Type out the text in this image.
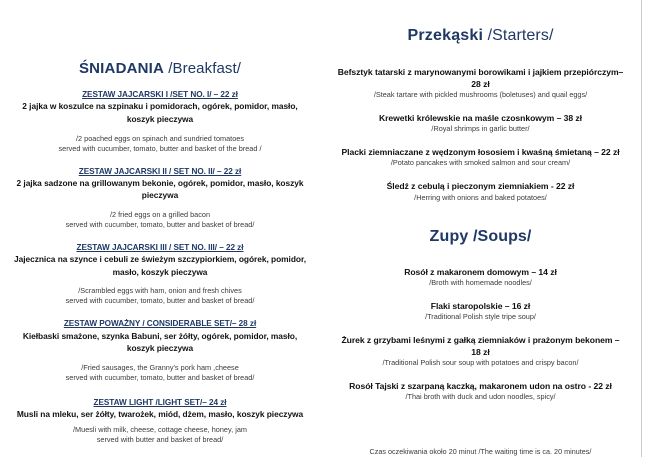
ŚNIADANIA /Breakfast/
ZESTAW JAJCARSKI I /SET NO. I/ – 22 zł
2 jajka w koszulce na szpinaku i pomidorach, ogórek, pomidor, masło, koszyk pieczywa
/2 poached eggs on spinach and sundried tomatoes
served with cucumber, tomato, butter and basket of the bread /
ZESTAW JAJCARSKI II / SET NO. II/ – 22 zł
2 jajka sadzone na grillowanym bekonie, ogórek, pomidor, masło, koszyk pieczywa
/2 fried eggs on a grilled bacon
served with cucumber, tomato, butter and basket of bread/
ZESTAW JAJCARSKI III / SET NO. III/ – 22 zł
Jajecznica na szynce i cebuli ze świeżym szczypiorkiem, ogórek, pomidor, masło, koszyk pieczywa
/Scrambled eggs with ham, onion and fresh chives
served with cucumber, tomato, butter and basket of bread/
ZESTAW POWAŻNY / CONSIDERABLE SET/– 28 zł
Kiełbaski smażone, szynka Babuni, ser żółty, ogórek, pomidor, masło, koszyk pieczywa
/Fried sausages, the Granny's pork ham ,cheese
served with cucumber, tomato, butter and basket of bread/
ZESTAW LIGHT /LIGHT SET/– 24 zł
Musli na mleku, ser żółty, twarożek, miód, dżem, masło, koszyk pieczywa
/Muesli with milk, cheese, cottage cheese, honey, jam
served with butter and basket of bread/
Przekąski /Starters/
Befsztyk tatarski z marynowanymi borowikami i jajkiem przepiórczym– 28 zł
/Steak tartare with pickled mushrooms (boletuses) and quail eggs/
Krewetki królewskie na maśle czosnkowym – 38 zł
/Royal shrimps in garlic butter/
Placki ziemniaczane z wędzonym łososiem i kwaśną śmietaną – 22 zł
/Potato pancakes with smoked salmon and sour cream/
Śledź z cebulą i pieczonym ziemniakiem - 22 zł
/Herring with onions and baked potatoes/
Zupy /Soups/
Rosół z makaronem domowym – 14 zł
/Broth with homemade noodles/
Flaki staropolskie – 16 zł
/Traditional Polish style tripe soup/
Żurek z grzybami leśnymi z gałką ziemniaków i prażonym bekonem – 18 zł
/Traditional Polish sour soup with potatoes and crispy bacon/
Rosół Tajski z szarpaną kaczką, makaronem udon na ostro - 22 zł
/Thai broth with duck and udon noodles, spicy/
Czas oczekiwania około 20 minut /The waiting time is ca. 20 minutes/
